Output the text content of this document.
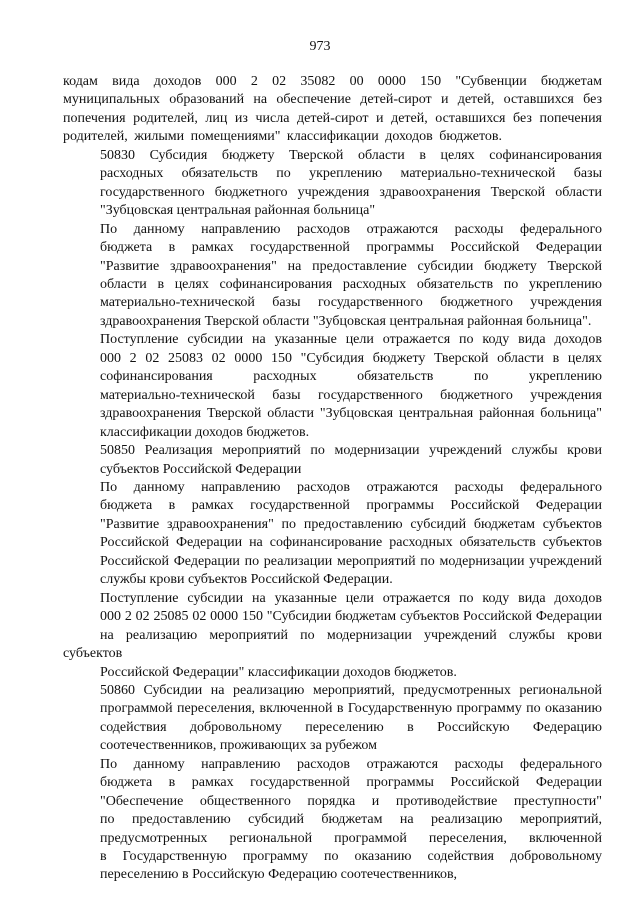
973

кодам вида доходов 000 2 02 35082 00 0000 150 "Субвенции бюджетам
муниципальных образований на обеспечение детей-сирот и детей, оставшихся без
попечения родителей, лиц из числа детей-сирот и детей, оставшихся без попечения
родителей, жилыми помещениями" классификации доходов бюджетов.

50830 Субсидия бюджету Тверской области в целях софинансирования
расходных обязательств по укреплению материально-технической базы
государственного бюджетного учреждения здравоохранения Тверской области
"Зубцовская центральная районная больница"

По данному направлению расходов отражаются расходы федерального
бюджета в рамках государственной программы Российской Федерации
"Развитие здравоохранения" на предоставление субсидии бюджету Тверской
области в целях софинансирования расходных обязательств по укреплению
материально-технической базы государственного бюджетного учреждения
здравоохранения Тверской области "Зубцовская центральная районная больница".

Поступление субсидии на указанные цели отражается по коду вида доходов
000 2 02 25083 02 0000 150 "Субсидия бюджету Тверской области в целях
софинансирования расходных обязательств по укреплению
материально-технической базы государственного бюджетного учреждения
здравоохранения Тверской области "Зубцовская центральная районная больница"
классификации доходов бюджетов.

50850 Реализация мероприятий по модернизации учреждений службы крови
субъектов Российской Федерации

По данному направлению расходов отражаются расходы федерального
бюджета в рамках государственной программы Российской Федерации
"Развитие здравоохранения" по предоставлению субсидий бюджетам субъектов
Российской Федерации на софинансирование расходных обязательств субъектов
Российской Федерации по реализации мероприятий по модернизации учреждений
службы крови субъектов Российской Федерации.

Поступление субсидии на указанные цели отражается по коду вида доходов
000 2 02 25085 02 0000 150 "Субсидии бюджетам субъектов Российской Федерации
на реализацию мероприятий по модернизации учреждений службы крови субъектов
Российской Федерации" классификации доходов бюджетов.

50860 Субсидии на реализацию мероприятий, предусмотренных региональной
программой переселения, включенной в Государственную программу по оказанию
содействия добровольному переселению в Российскую Федерацию
соотечественников, проживающих за рубежом

По данному направлению расходов отражаются расходы федерального
бюджета в рамках государственной программы Российской Федерации
"Обеспечение общественного порядка и противодействие преступности"
по предоставлению субсидий бюджетам на реализацию мероприятий,
предусмотренных региональной программой переселения, включенной
в Государственную программу по оказанию содействия добровольному
переселению в Российскую Федерацию соотечественников,
